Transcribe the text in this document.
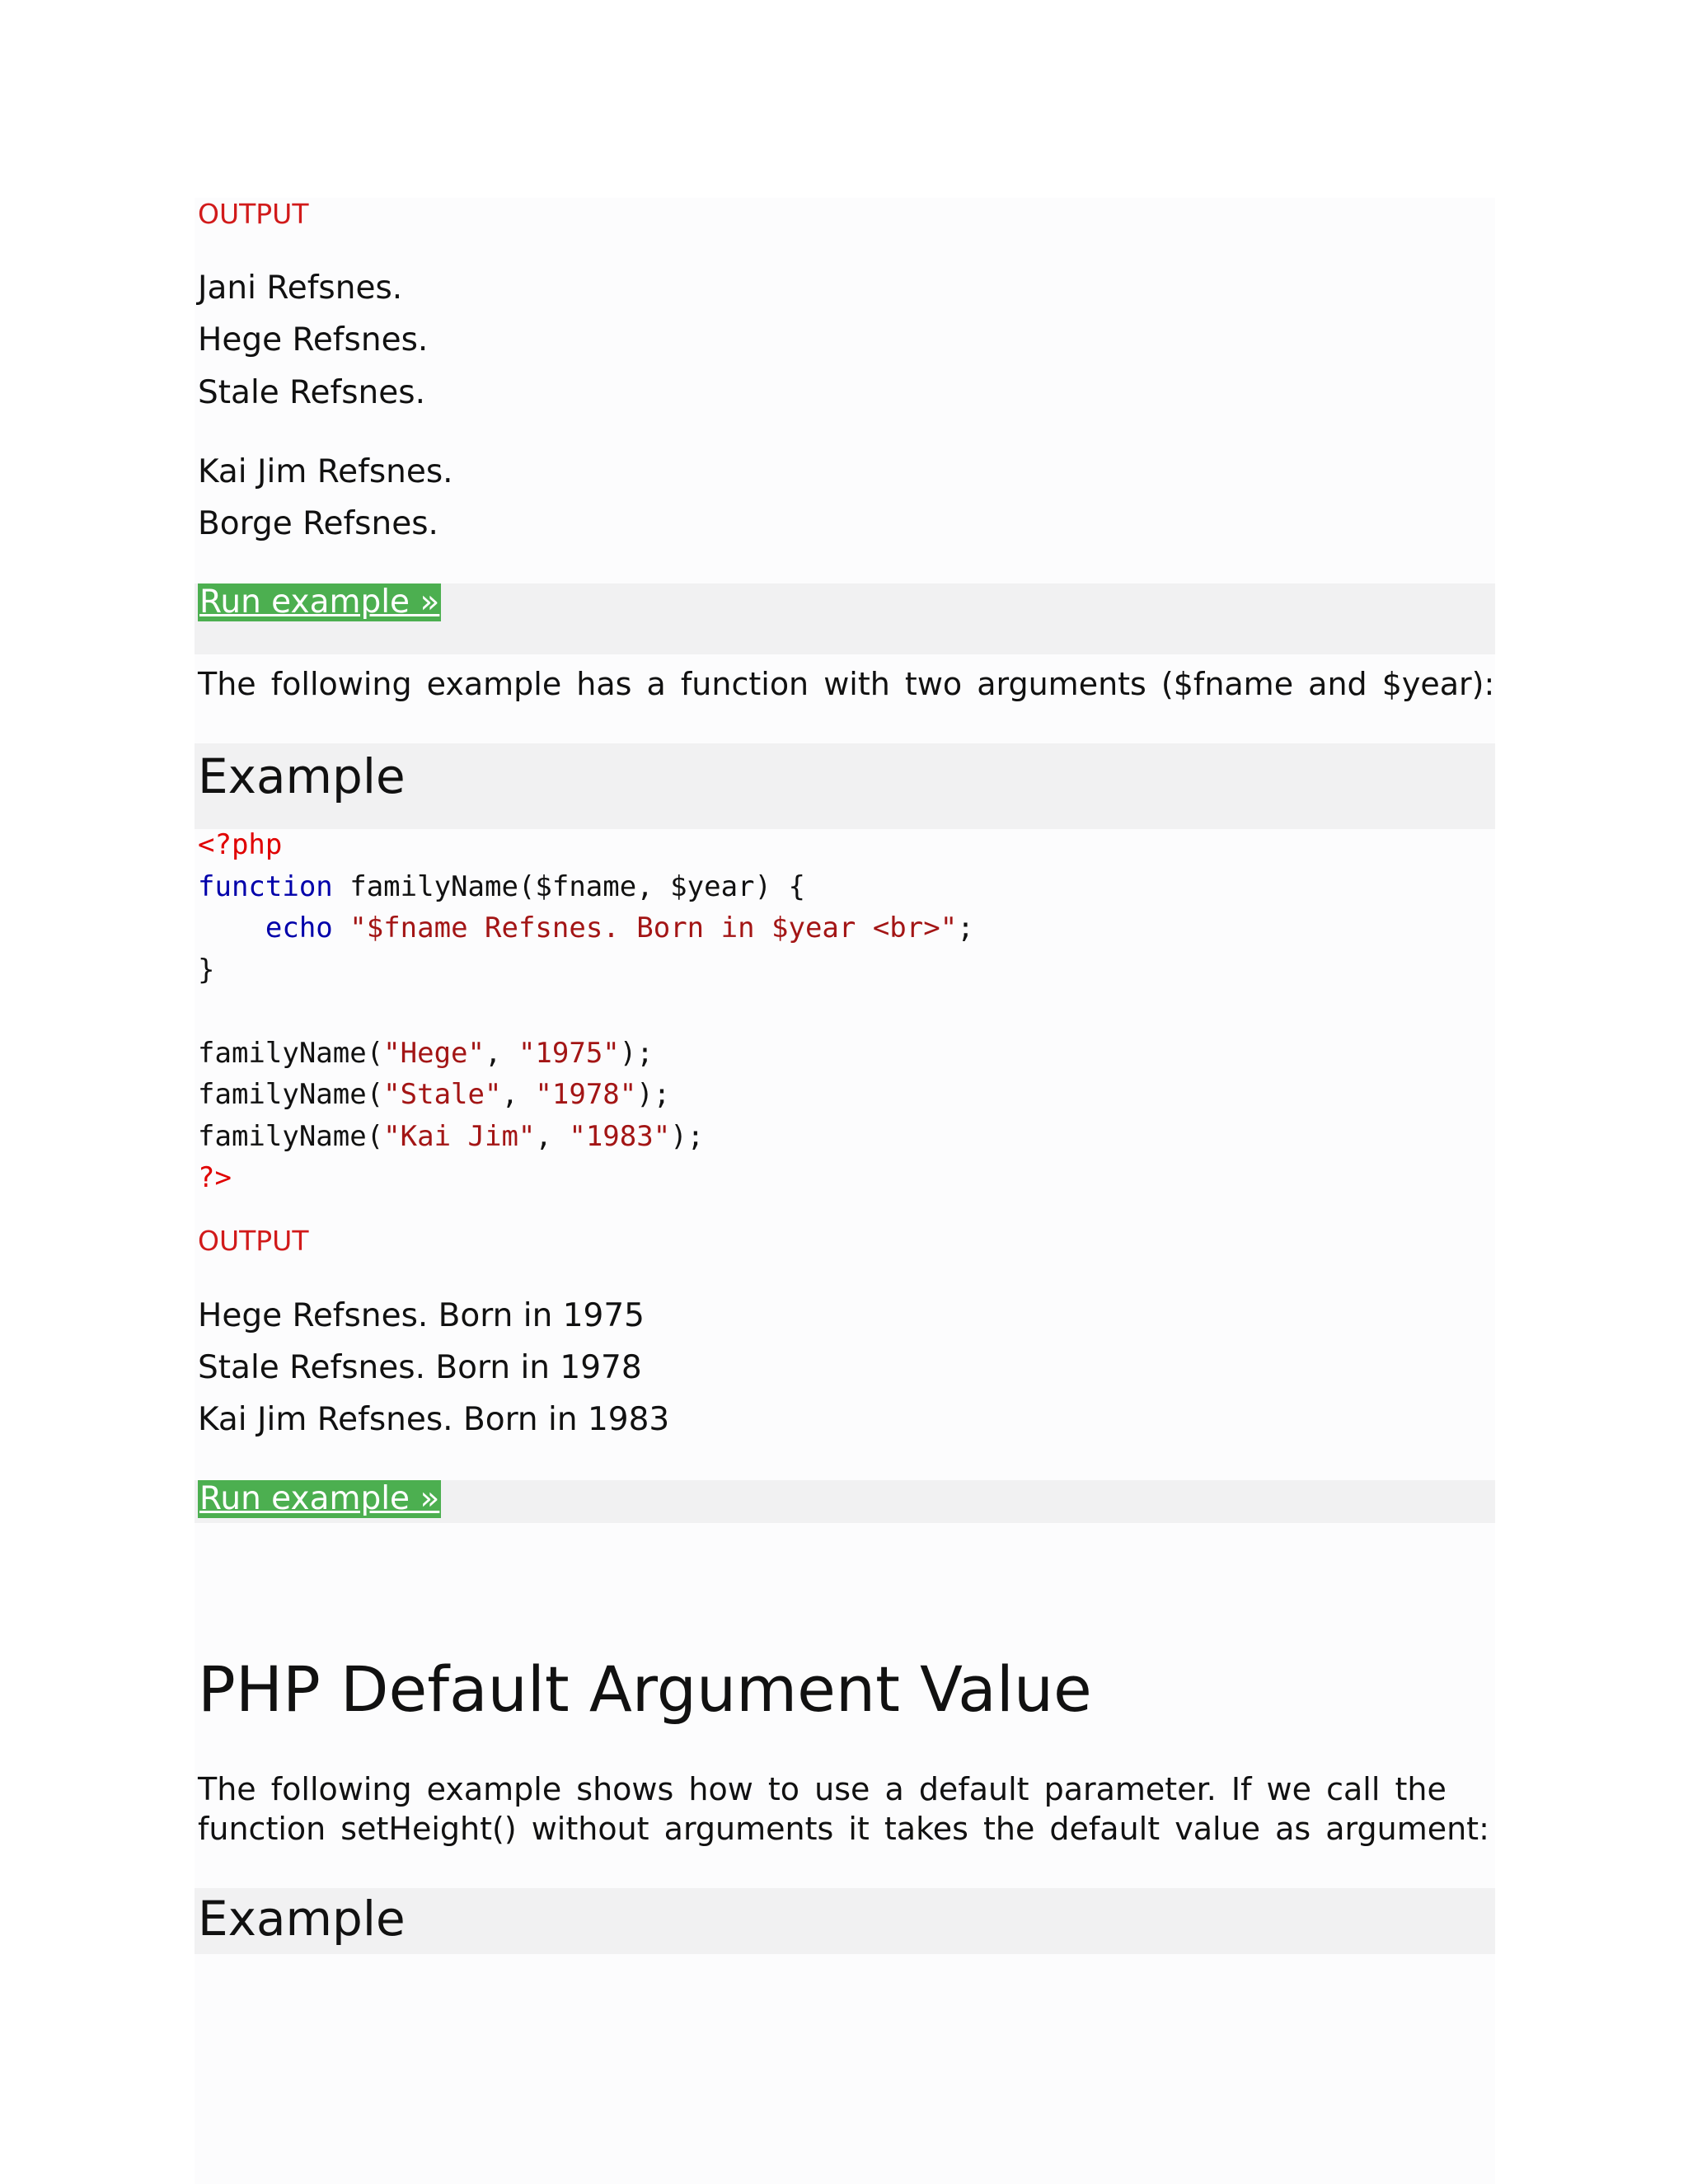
OUTPUT
Jani Refsnes.
Hege Refsnes.
Stale Refsnes.
Kai Jim Refsnes.
Borge Refsnes.
Run example »
The following example has a function with two arguments ($fname and $year):
Example
<?php
function familyName($fname, $year) {
echo "$fname Refsnes. Born in $year <br>";
}
familyName("Hege", "1975");
familyName("Stale", "1978");
familyName("Kai Jim", "1983");
?>
OUTPUT
Hege Refsnes. Born in 1975
Stale Refsnes. Born in 1978
Kai Jim Refsnes. Born in 1983
Run example »
PHP Default Argument Value
The following example shows how to use a default parameter. If we call the
function setHeight() without arguments it takes the default value as argument:
Example
